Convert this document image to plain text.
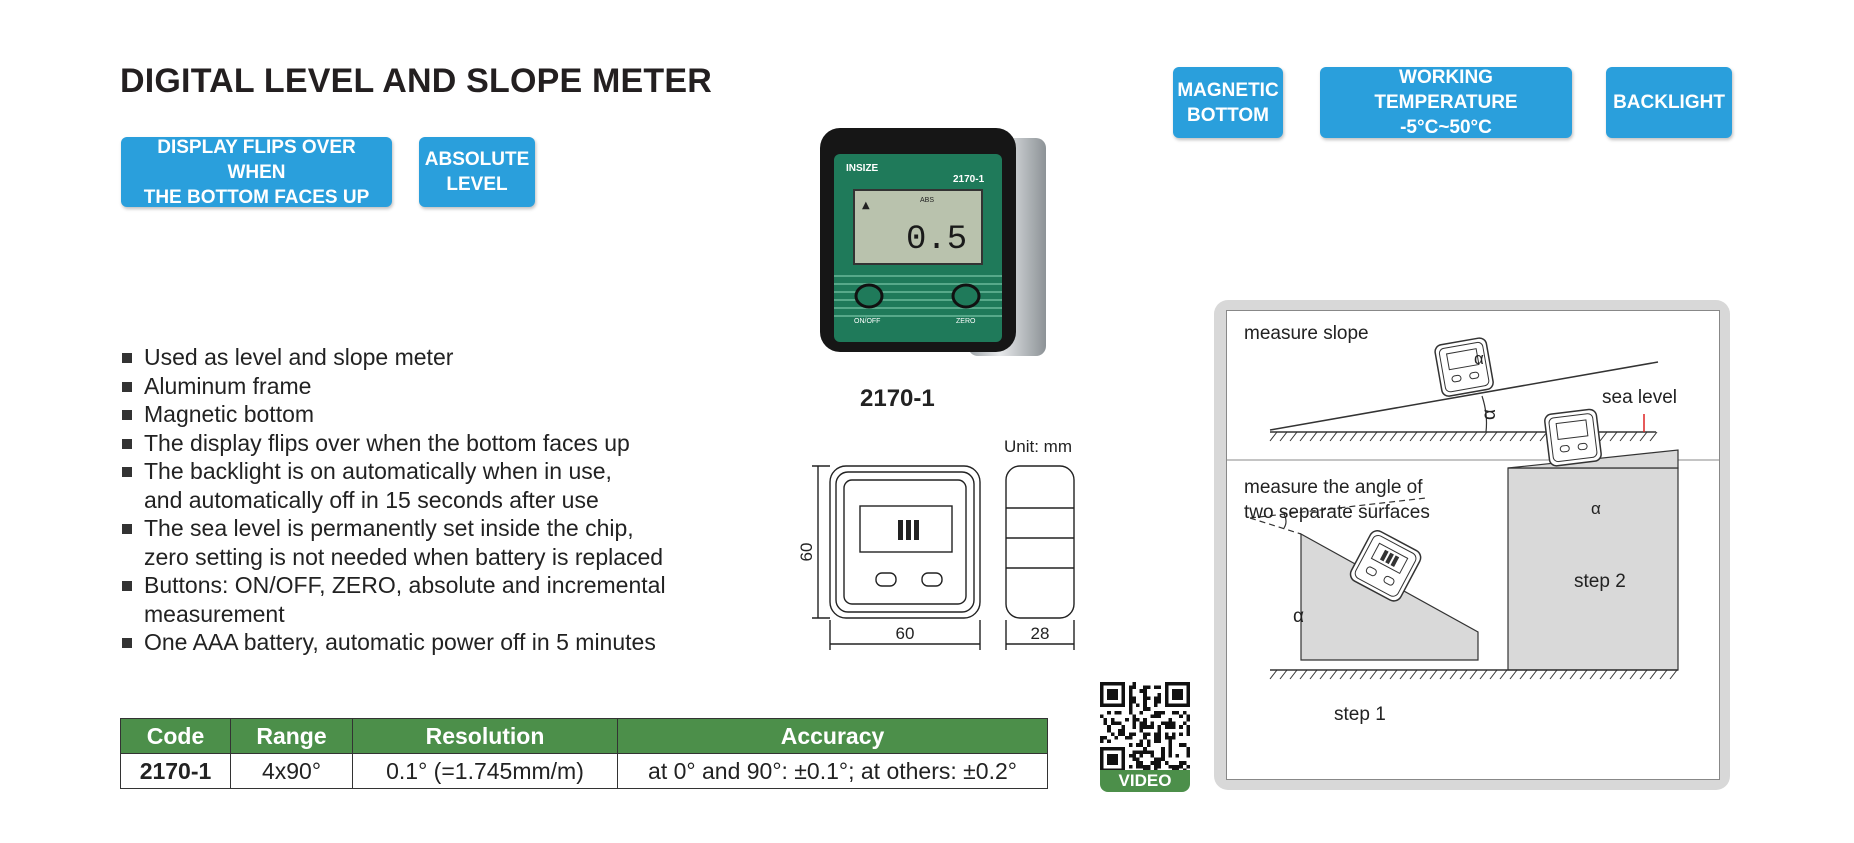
DIGITAL LEVEL AND SLOPE METER
DISPLAY FLIPS OVER WHEN
THE BOTTOM FACES UP
ABSOLUTE
LEVEL
MAGNETIC
BOTTOM
WORKING TEMPERATURE
-5°C~50°C
BACKLIGHT
INSIZE
2170-1
ABS
▲
0.5
ON/OFF	ZERO
2170-1
Used as level and slope meter
Aluminum frame
Magnetic bottom
The display flips over when the bottom faces up
The backlight is on automatically when in use,
and automatically off in 15 seconds after use
The sea level is permanently set inside the chip,
zero setting is not needed when battery is replaced
Buttons: ON/OFF, ZERO, absolute and incremental
measurement
One AAA battery, automatic power off in 5 minutes
Unit: mm
60
60	28
Code	Range	Resolution	Accuracy
2170-1	4x90°	0.1° (=1.745mm/m)	at 0° and 90°: ±0.1°; at others: ±0.2°	VIDEO
measure slope
sea level
α
α
measure the angle of
two separate surfaces	α
α
step 2
step 1
